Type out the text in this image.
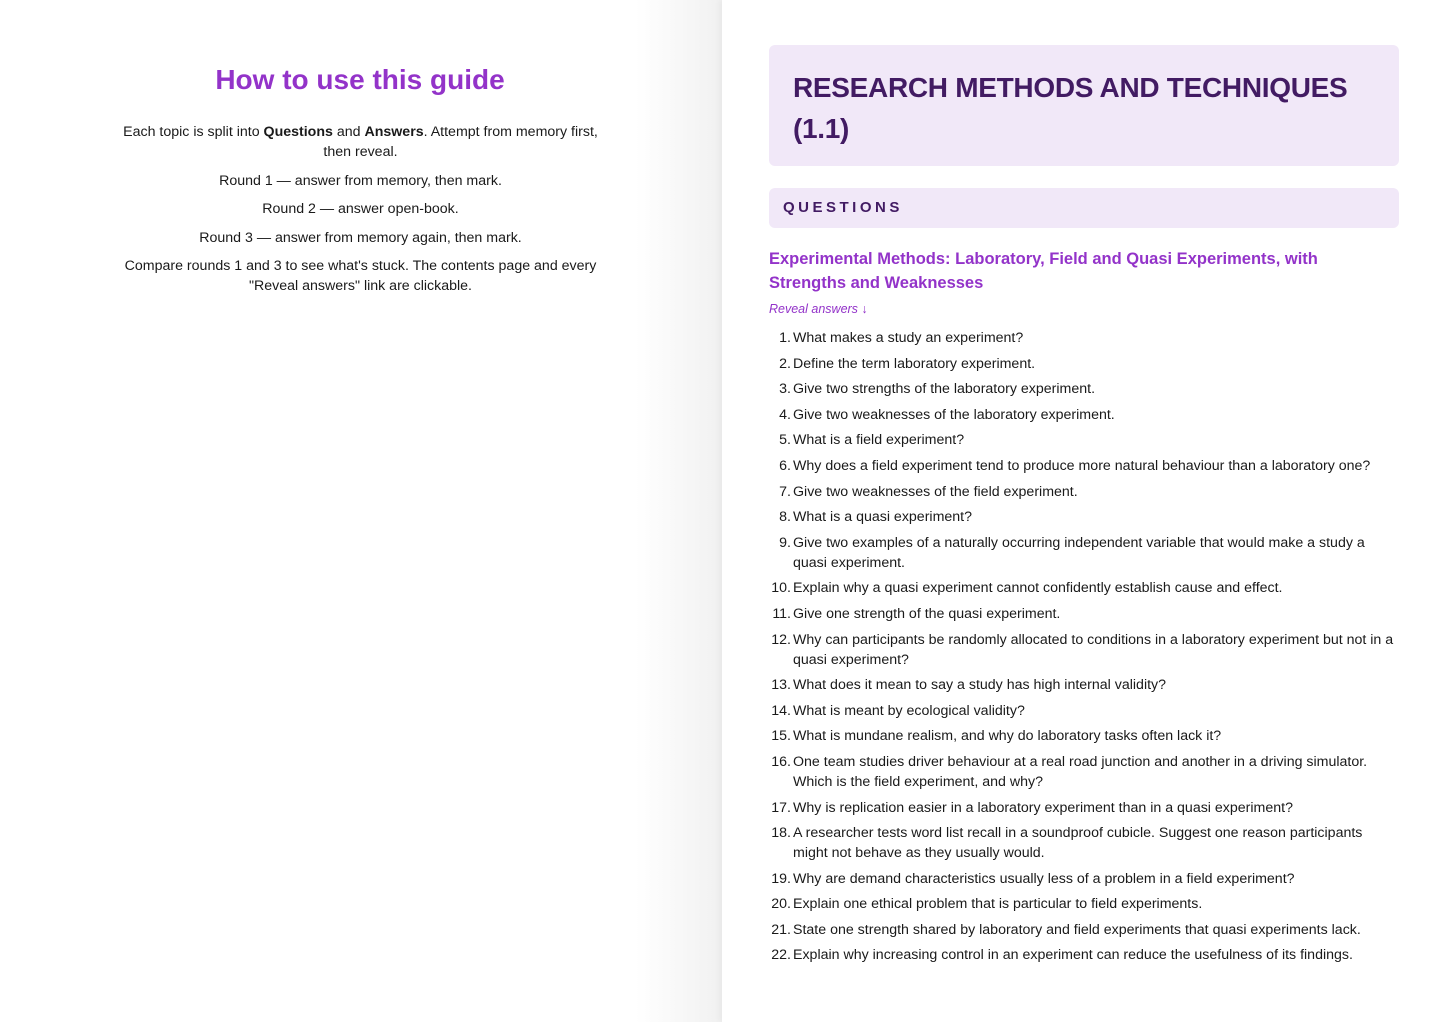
How to use this guide

Each topic is split into Questions and Answers. Attempt from memory first, then reveal.

Round 1 — answer from memory, then mark.

Round 2 — answer open-book.

Round 3 — answer from memory again, then mark.

Compare rounds 1 and 3 to see what's stuck. The contents page and every "Reveal answers" link are clickable.

RESEARCH METHODS AND TECHNIQUES (1.1)
QUESTIONS
Experimental Methods: Laboratory, Field and Quasi Experiments, with Strengths and Weaknesses
Reveal answers ↓
1 . What makes a study an experiment?
2 . Define the term laboratory experiment.
3 . Give two strengths of the laboratory experiment.
4 . Give two weaknesses of the laboratory experiment.
5 . What is a field experiment?
6 . Why does a field experiment tend to produce more natural behaviour than a laboratory one?
7 . Give two weaknesses of the field experiment.
8 . What is a quasi experiment?
9 . Give two examples of a naturally occurring independent variable that would make a study a quasi experiment.
10 . Explain why a quasi experiment cannot confidently establish cause and effect.
11 . Give one strength of the quasi experiment.
12 . Why can participants be randomly allocated to conditions in a laboratory experiment but not in a quasi experiment?
13 . What does it mean to say a study has high internal validity?
14 . What is meant by ecological validity?
15 . What is mundane realism, and why do laboratory tasks often lack it?
16 . One team studies driver behaviour at a real road junction and another in a driving simulator. Which is the field experiment, and why?
17 . Why is replication easier in a laboratory experiment than in a quasi experiment?
18 . A researcher tests word list recall in a soundproof cubicle. Suggest one reason participants might not behave as they usually would.
19 . Why are demand characteristics usually less of a problem in a field experiment?
20 . Explain one ethical problem that is particular to field experiments.
21 . State one strength shared by laboratory and field experiments that quasi experiments lack.
22 . Explain why increasing control in an experiment can reduce the usefulness of its findings.
